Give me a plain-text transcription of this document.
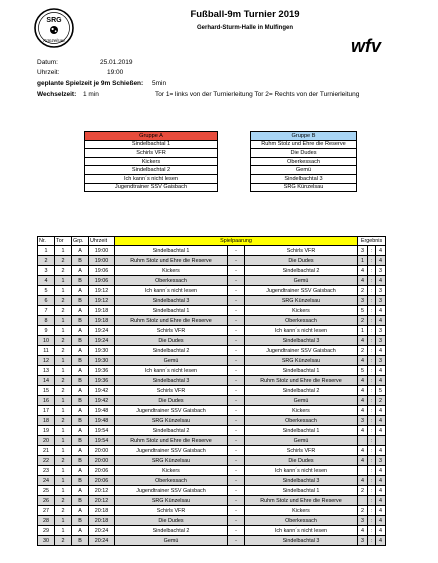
SRG
Künzelsau
Fußball-9m Turnier 2019
Gerhard-Sturm-Halle in Mulfingen
wfv
Datum:	25.01.2019
Uhrzeit:	19:00
geplante Spielzeit je 9m Schießen: 5min
Wechselzeit: 1 min	Tor 1= links von der Turnierleitung Tor 2= Rechts von der Turnierleitung
Gruppe A
Sindelbachtal 1
Schirls VFR
Kickers
Sindelbachtal 2
Ich kann´s nicht lesen
Jugendtrainer SSV Gaisbach
Gruppe B
Ruhm Stolz und Ehre die Reserve
Die Dudes
Oberkessach
Gemü
Sindelbachtal 3
SRG Künzelsau
Nr.	Tor	Grp.	Uhrzeit	Spielpaarung			Ergebnis		
1	1	A	19:00	Sindelbachtal 1	-	Schirls VFR	3	:	4
2	2	B	19:00	Ruhm Stolz und Ehre die Reserve	-	Die Dudes	1	:	4
3	2	A	19:06	Kickers	-	Sindelbachtal 2	4	:	3
4	1	B	19:06	Oberkessach	-	Gemü	4	:	4
5	1	A	19:12	Ich kann´s nicht lesen	-	Jugendtrainer SSV Gaisbach	2	:	3
6	2	B	19:12	Sindelbachtal 3	-	SRG Künzelsau	3	:	3
7	2	A	19:18	Sindelbachtal 1	-	Kickers	5	:	4
8	1	B	19:18	Ruhm Stolz und Ehre die Reserve	-	Oberkessach	2	:	4
9	1	A	19:24	Schirls VFR	-	Ich kann´s nicht lesen	1	:	3
10	2	B	19:24	Die Dudes	-	Sindelbachtal 3	4	:	3
11	2	A	19:30	Sindelbachtal 2	-	Jugendtrainer SSV Gaisbach	2	:	4
12	1	B	19:30	Gemü	-	SRG Künzelsau	4	:	3
13	1	A	19:36	Ich kann´s nicht lesen	-	Sindelbachtal 1	5	:	4
14	2	B	19:36	Sindelbachtal 3	-	Ruhm Stolz und Ehre die Reserve	4	:	4
15	2	A	19:42	Schirls VFR	-	Sindelbachtal 2	4	:	5
16	1	B	19:42	Die Dudes	-	Gemü	4	:	2
17	1	A	19:48	Jugendtrainer SSV Gaisbach	-	Kickers	4	:	4
18	2	B	19:48	SRG Künzelsau	-	Oberkessach	3	:	4
19	1	A	19:54	Sindelbachtal 2	-	Sindelbachtal 1	4	:	4
20	1	B	19:54	Ruhm Stolz und Ehre die Reserve	-	Gemü		:	
21	1	A	20:00	Jugendtrainer SSV Gaisbach	-	Schirls VFR	4	:	4
22	2	B	20:00	SRG Künzelsau	-	Die Dudes	4	:	3
23	1	A	20:06	Kickers	-	Ich kann´s nicht lesen		:	4
24	1	B	20:06	Oberkessach	-	Sindelbachtal 3	4	:	4
25	1	A	20:12	Jugendtrainer SSV Gaisbach	-	Sindelbachtal 1	2	:	4
26	2	B	20:12	SRG Künzelsau	-	Ruhm Stolz und Ehre die Reserve		:	4
27	2	A	20:18	Schirls VFR	-	Kickers	2	:	4
28	1	B	20:18	Die Dudes	-	Oberkessach	3	:	4
29	1	A	20:24	Sindelbachtal 2	-	Ich kann´s nicht lesen	4	:	4
30	2	B	20:24	Gemü	-	Sindelbachtal 3	3	:	4
